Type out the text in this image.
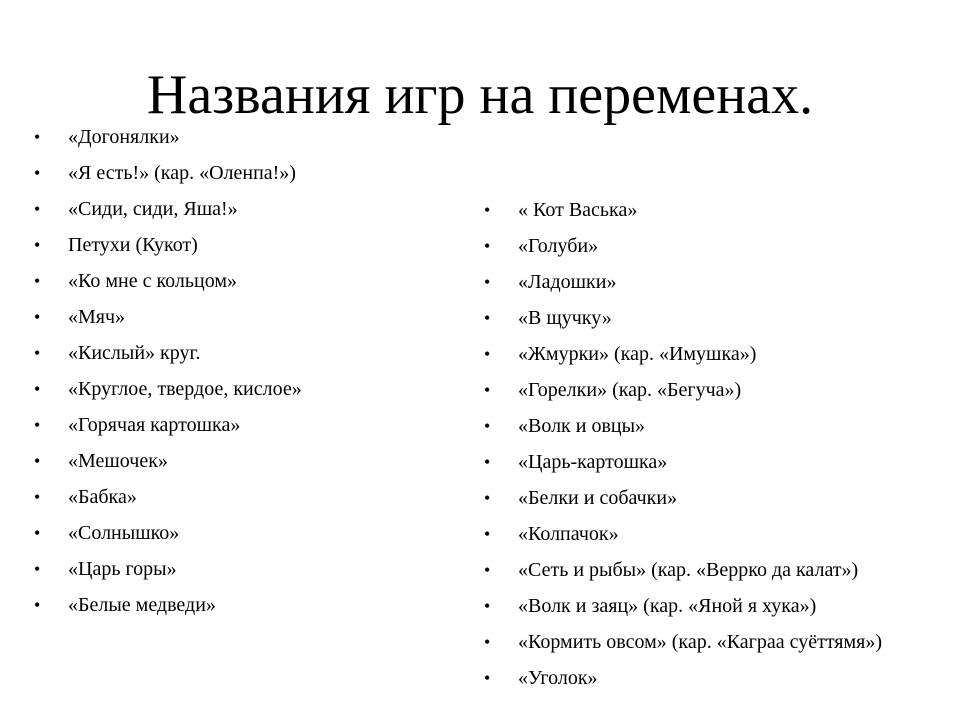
Названия игр на переменах.
•	«Догонялки»
•	«Я есть!» (кар. «Оленпа!»)
•	«Сиди, сиди, Яша!»
•	Петухи (Кукот)
•	«Ко мне с кольцом»
•	«Мяч»
•	«Кислый» круг.
•	«Круглое, твердое, кислое»
•	«Горячая картошка»
•	«Мешочек»
•	«Бабка»
•	«Солнышко»
•	«Царь горы»
•	«Белые медведи»
•	« Кот Васька»
•	«Голуби»
•	«Ладошки»
•	«В щучку»
•	«Жмурки» (кар. «Имушка»)
•	«Горелки» (кар. «Бегуча»)
•	«Волк и овцы»
•	«Царь-картошка»
•	«Белки и собачки»
•	«Колпачок»
•	«Сеть и рыбы» (кар. «Веррко да калат»)
•	«Волк и заяц» (кар. «Яной я хука»)
•	«Кормить овсом» (кар. «Каграа суёттямя»)
•	«Уголок»
